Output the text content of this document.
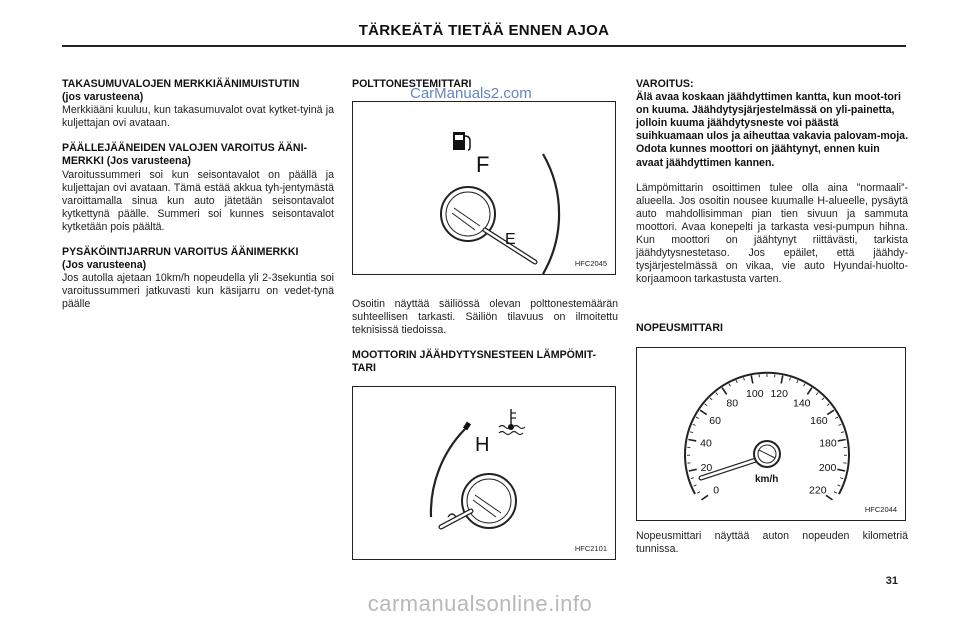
TÄRKEÄTÄ TIETÄÄ ENNEN AJOA

TAKASUMUVALOJEN MERKKIÄÄNIMUISTUTIN

(jos varusteena)

Merkkiääni kuuluu, kun takasumuvalot ovat kytket-tyinä ja kuljettajan ovi avataan.

PÄÄLLEJÄÄNEIDEN VALOJEN VAROITUS ÄÄNI-MERKKI (Jos varusteena)

Varoitussummeri soi kun seisontavalot on päällä ja kuljettajan ovi avataan. Tämä estää akkua tyh-jentymästä varoittamalla sinua kun auto jätetään seisontavalot kytkettynä päälle. Summeri soi kunnes seisontavalot kytketään pois päältä.

PYSÄKÖINTIJARRUN VAROITUS ÄÄNIMERKKI

(Jos varusteena)

Jos autolla ajetaan 10km/h nopeudella yli 2-3sekuntia soi varoitussummeri jatkuvasti kun käsijarru on vedet-tynä päälle

POLTTONESTEMITTARI

F
E
HFC2045

Osoitin näyttää säiliössä olevan polttonestemäärän suhteellisen tarkasti. Säiliön tilavuus on ilmoitettu teknisissä tiedoissa.

MOOTTORIN JÄÄHDYTYSNESTEEN LÄMPÖMIT-TARI

H
HFC2101

VAROITUS:

Älä avaa koskaan jäähdyttimen kantta, kun moot-tori on kuuma. Jäähdytysjärjestelmässä on yli-painetta, jolloin kuuma jäähdytysneste voi päästä suihkuamaan ulos ja aiheuttaa vakavia palovam-moja. Odota kunnes moottori on jäähtynyt, ennen kuin avaat jäähdyttimen kannen.

Lämpömittarin osoittimen tulee olla aina ”normaali”-alueella. Jos osoitin nousee kuumalle H-alueelle, pysäytä auto mahdollisimman pian tien sivuun ja sammuta moottori. Avaa konepelti ja tarkasta vesi-pumpun hihna. Kun moottori on jäähtynyt riittävästi, tarkista jäähdytysnestetaso. Jos epäilet, että jäähdy-tysjärjestelmässä on vikaa, vie auto Hyundai-huolto-korjaamoon tarkastusta varten.

NOPEUSMITTARI

0
20
40
60
80
100 120
140
160
180
200
220
km/h
HFC2044

Nopeusmittari näyttää auton nopeuden kilometriä tunnissa.

CarManuals2.com
31
carmanualsonline.info
